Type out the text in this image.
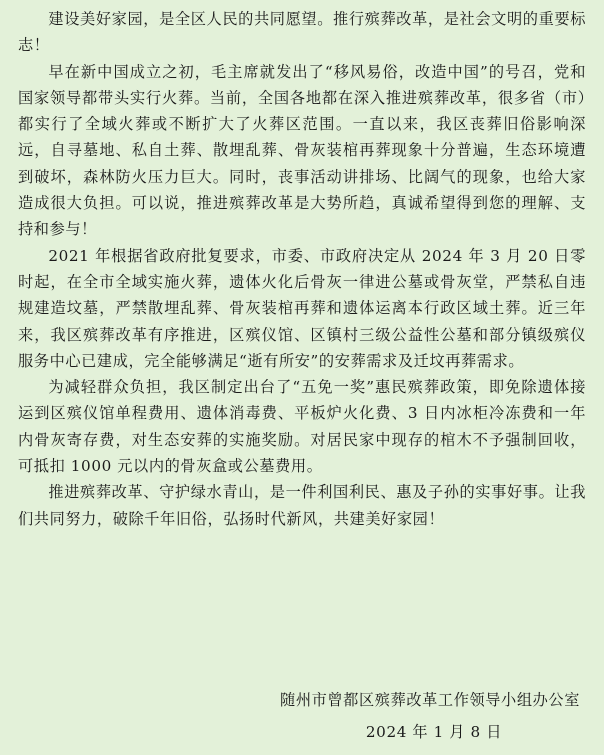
建设美好家园，是全区人民的共同愿望。推行殡葬改革，是社会文明的重要标志！

早在新中国成立之初，毛主席就发出了“移风易俗，改造中国”的号召，党和国家领导都带头实行火葬。当前，全国各地都在深入推进殡葬改革，很多省（市）都实行了全域火葬或不断扩大了火葬区范围。一直以来，我区丧葬旧俗影响深远，自寻墓地、私自土葬、散埋乱葬、骨灰装棺再葬现象十分普遍，生态环境遭到破坏，森林防火压力巨大。同时，丧事活动讲排场、比阔气的现象，也给大家造成很大负担。可以说，推进殡葬改革是大势所趋，真诚希望得到您的理解、支持和参与！

2021 年根据省政府批复要求，市委、市政府决定从 2024 年 3 月 20 日零时起，在全市全域实施火葬，遗体火化后骨灰一律进公墓或骨灰堂，严禁私自违规建造坟墓，严禁散埋乱葬、骨灰装棺再葬和遗体运离本行政区域土葬。近三年来，我区殡葬改革有序推进，区殡仪馆、区镇村三级公益性公墓和部分镇级殡仪服务中心已建成，完全能够满足“逝有所安”的安葬需求及迁坟再葬需求。

为减轻群众负担，我区制定出台了“五免一奖”惠民殡葬政策，即免除遗体接运到区殡仪馆单程费用、遗体消毒费、平板炉火化费、3 日内冰柜冷冻费和一年内骨灰寄存费，对生态安葬的实施奖励。对居民家中现存的棺木不予强制回收，可抵扣 1000 元以内的骨灰盒或公墓费用。

推进殡葬改革、守护绿水青山，是一件利国利民、惠及子孙的实事好事。让我们共同努力，破除千年旧俗，弘扬时代新风，共建美好家园！

随州市曾都区殡葬改革工作领导小组办公室
2024 年 1 月 8 日
